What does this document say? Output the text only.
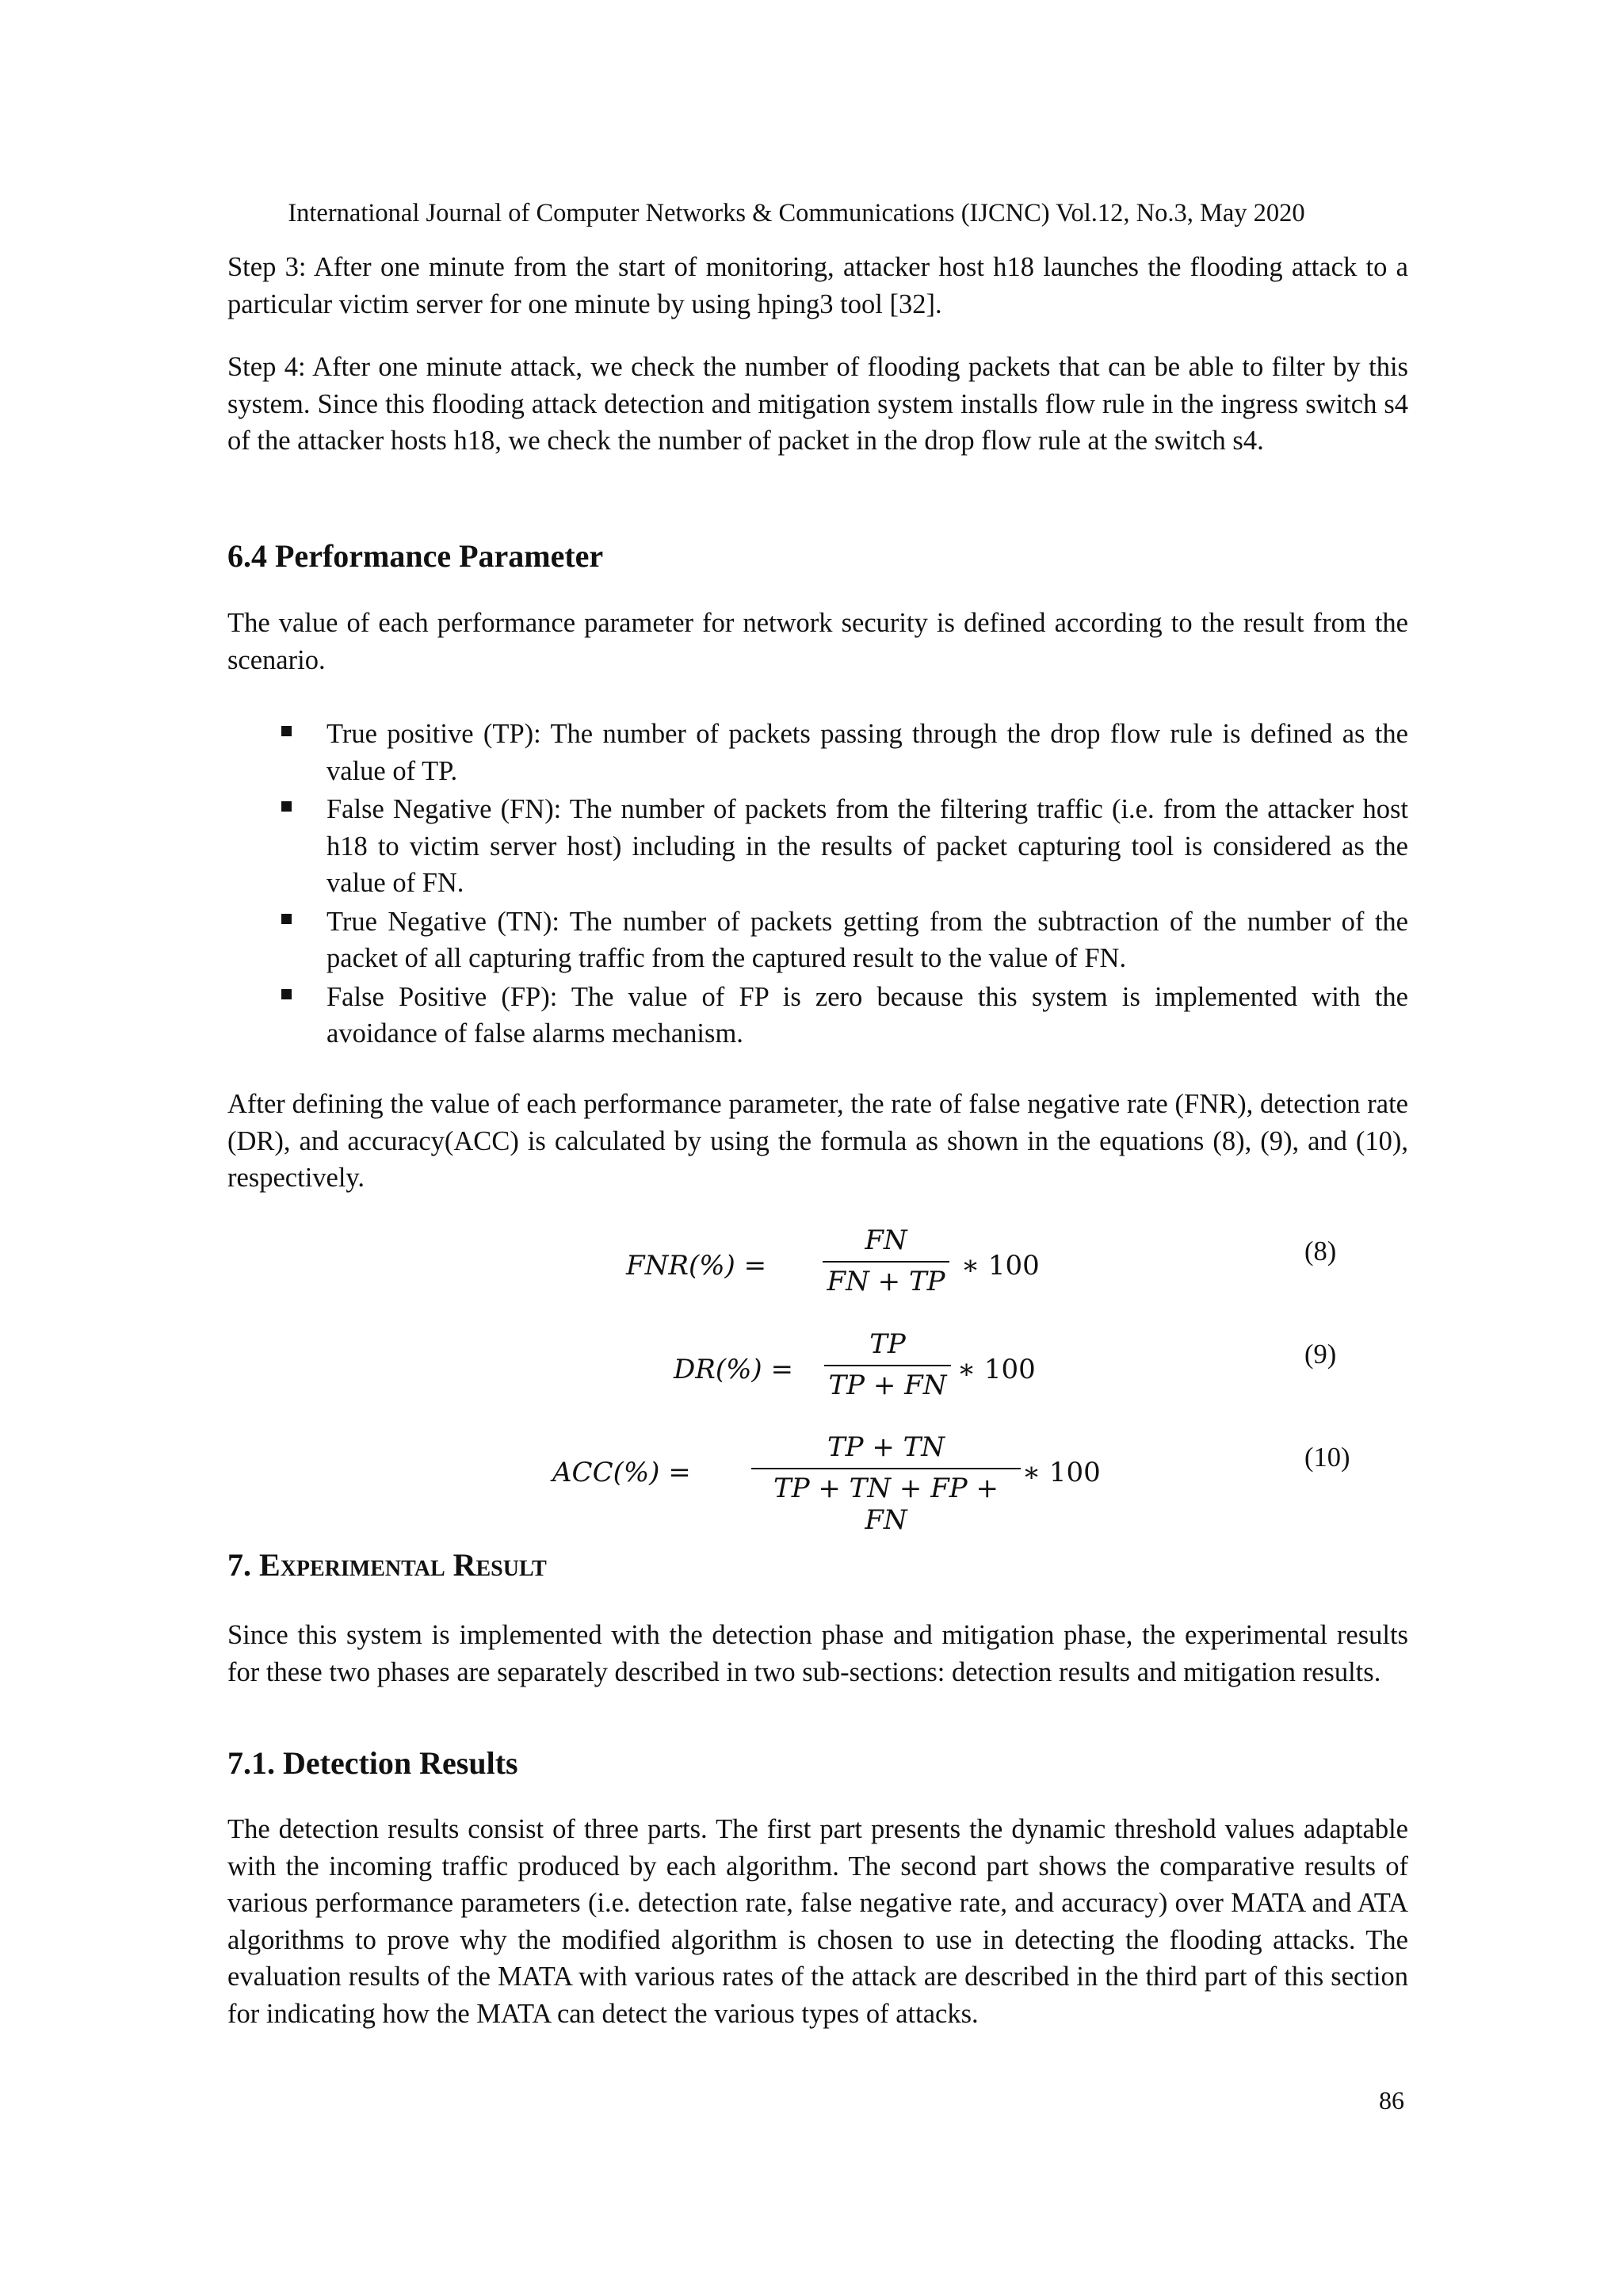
International Journal of Computer Networks & Communications (IJCNC) Vol.12, No.3, May 2020

Step 3: After one minute from the start of monitoring, attacker host h18 launches the flooding attack to a particular victim server for one minute by using hping3 tool [32].

Step 4: After one minute attack, we check the number of flooding packets that can be able to filter by this system. Since this flooding attack detection and mitigation system installs flow rule in the ingress switch s4 of the attacker hosts h18, we check the number of packet in the drop flow rule at the switch s4.

6.4 Performance Parameter

The value of each performance parameter for network security is defined according to the result from the scenario.

True positive (TP): The number of packets passing through the drop flow rule is defined as the value of TP.
False Negative (FN): The number of packets from the filtering traffic (i.e. from the attacker host h18 to victim server host) including in the results of packet capturing tool is considered as the value of FN.
True Negative (TN): The number of packets getting from the subtraction of the number of the packet of all capturing traffic from the captured result to the value of FN.
False Positive (FP): The value of FP is zero because this system is implemented with the avoidance of false alarms mechanism.

After defining the value of each performance parameter, the rate of false negative rate (FNR), detection rate (DR), and accuracy(ACC) is calculated by using the formula as shown in the equations (8), (9), and (10), respectively.

FNR(%) =
FN
FN + TP ∗ 100	(8)
DR(%) =
TP
TP + FN ∗ 100	(9)
ACC(%) =
TP + TN
TP + TN + FP + FN
∗ 100	(10)
7. Experimental Result

Since this system is implemented with the detection phase and mitigation phase, the experimental results for these two phases are separately described in two sub-sections: detection results and mitigation results.

7.1. Detection Results

The detection results consist of three parts. The first part presents the dynamic threshold values adaptable with the incoming traffic produced by each algorithm. The second part shows the comparative results of various performance parameters (i.e. detection rate, false negative rate, and accuracy) over MATA and ATA algorithms to prove why the modified algorithm is chosen to use in detecting the flooding attacks. The evaluation results of the MATA with various rates of the attack are described in the third part of this section for indicating how the MATA can detect the various types of attacks.

86
